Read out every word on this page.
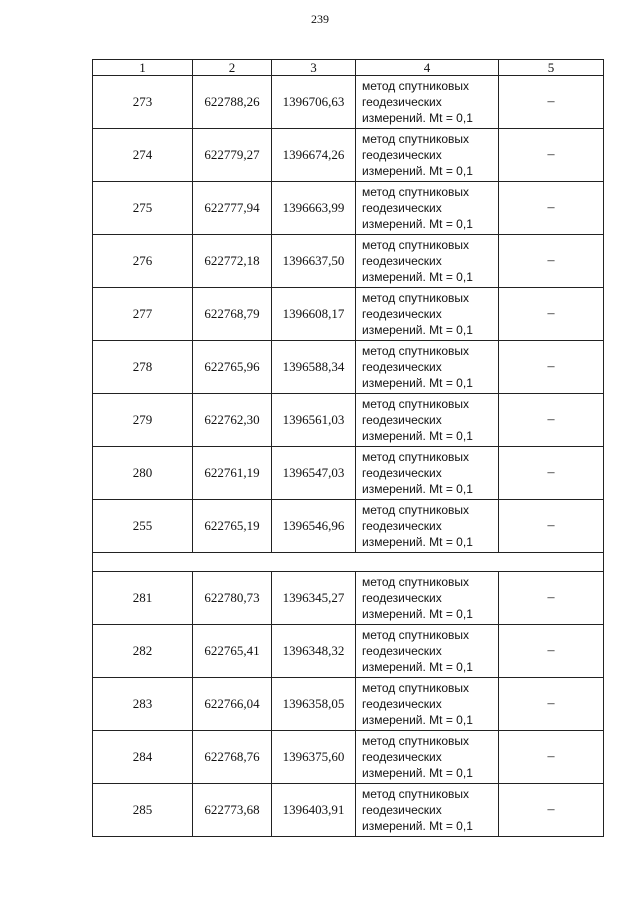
239
1	2	3	4	5
273	622788,26	1396706,63	метод спутниковых
геодезических
измерений. Mt = 0,1	–
274	622779,27	1396674,26	метод спутниковых
геодезических
измерений. Mt = 0,1	–
275	622777,94	1396663,99	метод спутниковых
геодезических
измерений. Mt = 0,1	–
276	622772,18	1396637,50	метод спутниковых
геодезических
измерений. Mt = 0,1	–
277	622768,79	1396608,17	метод спутниковых
геодезических
измерений. Mt = 0,1	–
278	622765,96	1396588,34	метод спутниковых
геодезических
измерений. Mt = 0,1	–
279	622762,30	1396561,03	метод спутниковых
геодезических
измерений. Mt = 0,1	–
280	622761,19	1396547,03	метод спутниковых
геодезических
измерений. Mt = 0,1	–
255	622765,19	1396546,96	метод спутниковых
геодезических
измерений. Mt = 0,1	–

281	622780,73	1396345,27	метод спутниковых
геодезических
измерений. Mt = 0,1	–
282	622765,41	1396348,32	метод спутниковых
геодезических
измерений. Mt = 0,1	–
283	622766,04	1396358,05	метод спутниковых
геодезических
измерений. Mt = 0,1	–
284	622768,76	1396375,60	метод спутниковых
геодезических
измерений. Mt = 0,1	–
285	622773,68	1396403,91	метод спутниковых
геодезических
измерений. Mt = 0,1	–
